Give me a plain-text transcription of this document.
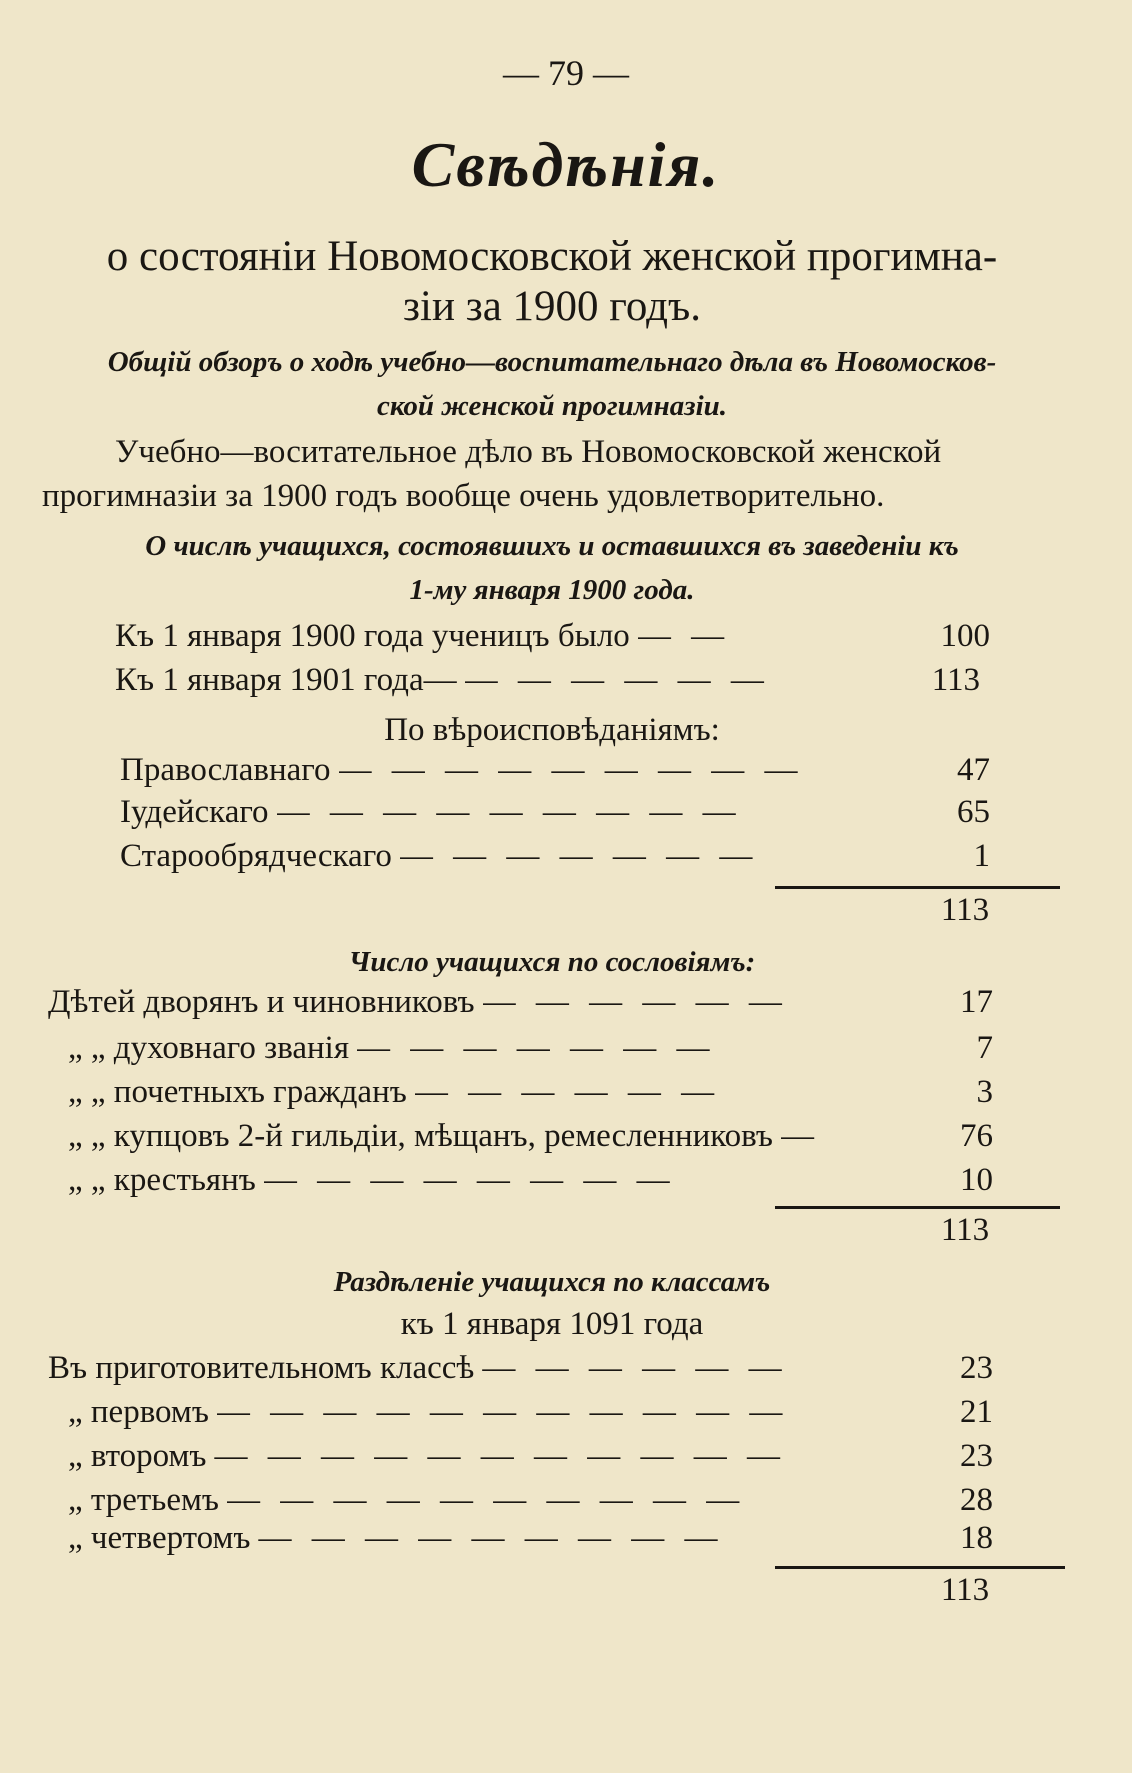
— 79 —
Свѣдѣнія.
о состояніи Новомосковской женской прогимна-
зіи за 1900 годъ.
Общій обзоръ о ходѣ учебно—воспитательнаго дѣла въ Новомосков-
ской женской прогимназіи.
Учебно—воситательное дѣло въ Новомосковской женской
прогимназіи за 1900 годъ вообще очень удовлетворительно.
О числѣ учащихся, состоявшихъ и оставшихся въ заведеніи къ
1-му января 1900 года.
Къ 1 января 1900 года ученицъ было — —	100
Къ 1 января 1901 года— — — — — — —	113
По вѣроисповѣданіямъ:
Православнаго — — — — — — — — —	47
Іудейскаго — — — — — — — — —	65
Старообрядческаго — — — — — — —	1
113
Число учащихся по сословіямъ:
Дѣтей дворянъ и чиновниковъ — — — — — —	17
„ „ духовнаго званія — — — — — — —	7
„ „ почетныхъ гражданъ — — — — — —	3
„ „ купцовъ 2-й гильдіи, мѣщанъ, ремесленниковъ —	76
„ „ крестьянъ — — — — — — — —	10
113
Раздѣленіе учащихся по классамъ
къ 1 января 1091 года
Въ приготовительномъ классѣ — — — — — —	23
„ первомъ — — — — — — — — — — —	21
„ второмъ — — — — — — — — — — —	23
„ третьемъ — — — — — — — — — —	28
„ четвертомъ — — — — — — — — —	18
113
